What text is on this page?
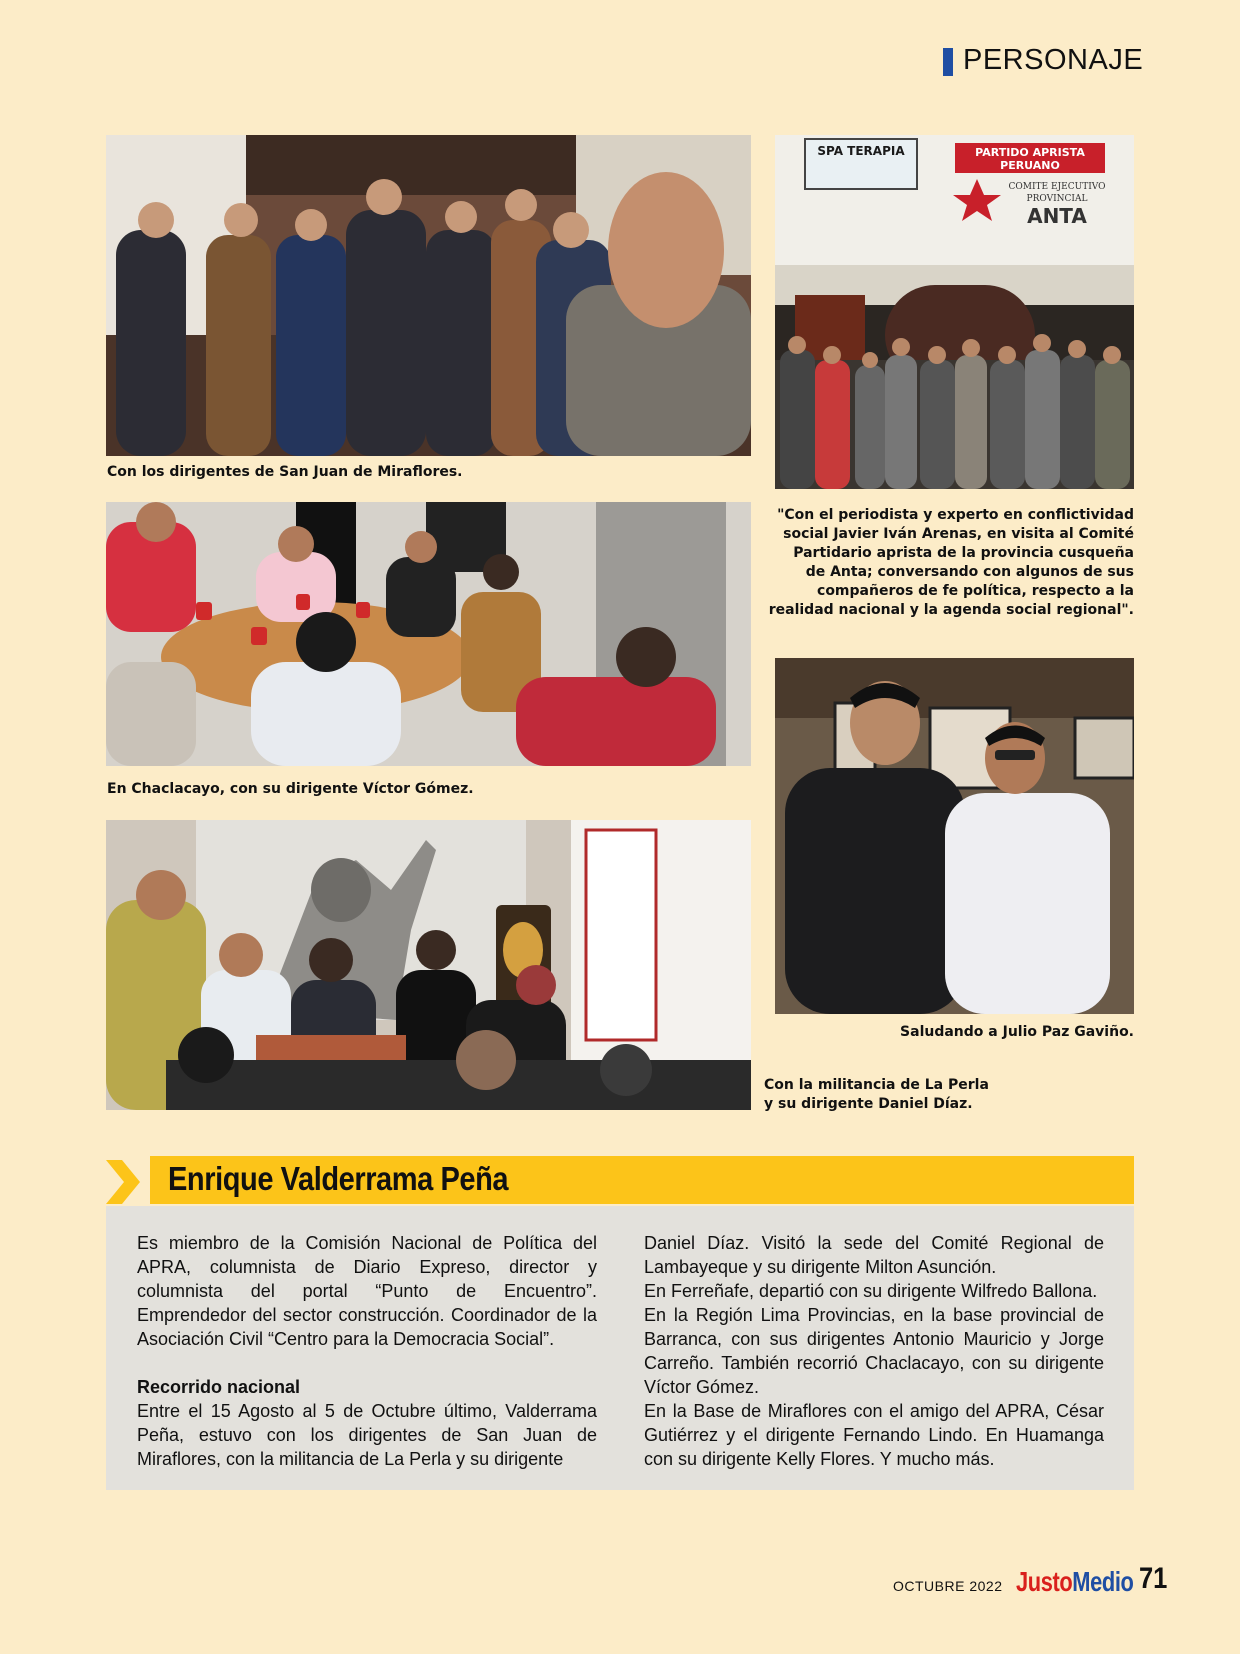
PERSONAJE
Con los dirigentes de San Juan de Miraflores.
SPA TERAPIA	PARTIDO APRISTA
PERUANO
COMITE EJECUTIVO
PROVINCIAL
ANTA
"Con el periodista y experto en conflictividad
social Javier Iván Arenas, en visita al Comité
Partidario aprista de la provincia cusqueña
de Anta; conversando con algunos de sus
compañeros de fe política, respecto a la
realidad nacional y la agenda social regional".
En Chaclacayo, con su dirigente Víctor Gómez.
Saludando a Julio Paz Gaviño.
Con la militancia de La Perla
y su dirigente Daniel Díaz.
Enrique Valderrama Peña

Es miembro de la Comisión Nacional de Política del APRA, columnista de Diario Expreso, director y columnista del portal “Punto de Encuentro”. Emprendedor del sector construcción. Coordinador de la Asociación Civil “Centro para la Democracia Social”.

Recorrido nacional

Entre el 15 Agosto al 5 de Octubre último, Valderrama Peña, estuvo con los dirigentes de San Juan de Miraflores, con la militancia de La Perla y su dirigente

Daniel Díaz. Visitó la sede del Comité Regional de Lambayeque y su dirigente Milton Asunción.

En Ferreñafe, departió con su dirigente Wilfredo Ballona.

En la Región Lima Provincias, en la base provincial de Barranca, con sus dirigentes Antonio Mauricio y Jorge Carreño. También recorrió Chaclacayo, con su dirigente Víctor Gómez.

En la Base de Miraflores con el amigo del APRA, César Gutiérrez y el dirigente Fernando Lindo. En Huamanga con su dirigente Kelly Flores. Y mucho más.

OCTUBRE 2022 JustoMedio 71
